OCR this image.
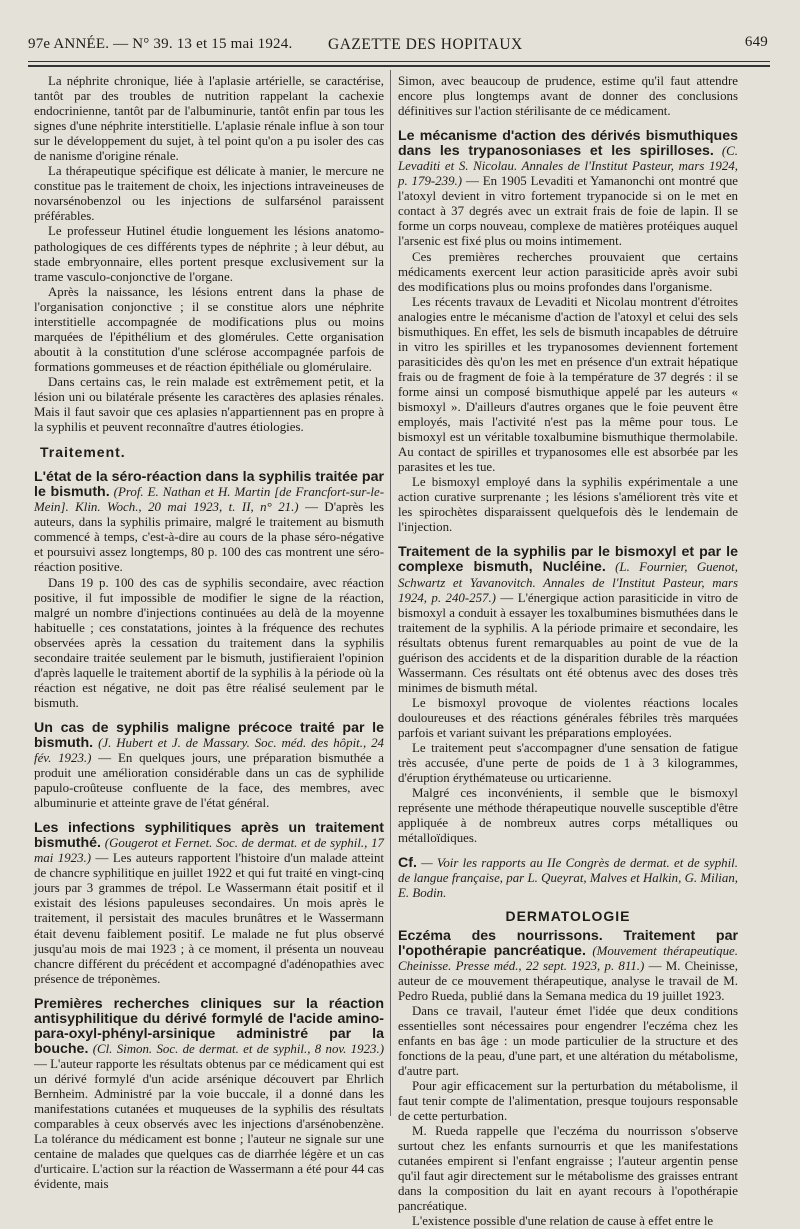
97e ANNÉE. — N° 39. 13 et 15 mai 1924. GAZETTE DES HOPITAUX	649

La néphrite chronique, liée à l'aplasie artérielle, se caractérise, tantôt par des troubles de nutrition rappelant la cachexie endocrinienne, tantôt par de l'albuminurie, tantôt enfin par tous les signes d'une néphrite interstitielle. L'aplasie rénale influe à son tour sur le développement du sujet, à tel point qu'on a pu isoler des cas de nanisme d'origine rénale.

La thérapeutique spécifique est délicate à manier, le mercure ne constitue pas le traitement de choix, les injections intraveineuses de novarsénobenzol ou les injections de sulfarsénol paraissent préférables.

Le professeur Hutinel étudie longuement les lésions anatomo-pathologiques de ces différents types de néphrite ; à leur début, au stade embryonnaire, elles portent presque exclusivement sur la trame vasculo-conjonctive de l'organe.

Après la naissance, les lésions entrent dans la phase de l'organisation conjonctive ; il se constitue alors une néphrite interstitielle accompagnée de modifications plus ou moins marquées de l'épithélium et des glomérules. Cette organisation aboutit à la constitution d'une sclérose accompagnée parfois de formations gommeuses et de réaction épithéliale ou glomérulaire.

Dans certains cas, le rein malade est extrêmement petit, et la lésion uni ou bilatérale présente les caractères des aplasies rénales. Mais il faut savoir que ces aplasies n'appartiennent pas en propre à la syphilis et peuvent reconnaître d'autres étiologies.

Traitement.

L'état de la séro-réaction dans la syphilis traitée par le bismuth. (Prof. E. Nathan et H. Martin [de Francfort-sur-le-Mein]. Klin. Woch., 20 mai 1923, t. II, n° 21.) — D'après les auteurs, dans la syphilis primaire, malgré le traitement au bismuth commencé à temps, c'est-à-dire au cours de la phase séro-négative et poursuivi assez longtemps, 80 p. 100 des cas montrent une séro-réaction positive.

Dans 19 p. 100 des cas de syphilis secondaire, avec réaction positive, il fut impossible de modifier le signe de la réaction, malgré un nombre d'injections continuées au delà de la moyenne habituelle ; ces constatations, jointes à la fréquence des rechutes observées après la cessation du traitement dans la syphilis secondaire traitée seulement par le bismuth, justifieraient l'opinion d'après laquelle le traitement abortif de la syphilis à la période où la réaction est négative, ne doit pas être réalisé seulement par le bismuth.

Un cas de syphilis maligne précoce traité par le bismuth. (J. Hubert et J. de Massary. Soc. méd. des hôpit., 24 fév. 1923.) — En quelques jours, une préparation bismuthée a produit une amélioration considérable dans un cas de syphilide papulo-croûteuse confluente de la face, des membres, avec albuminurie et atteinte grave de l'état général.

Les infections syphilitiques après un traitement bismuthé. (Gougerot et Fernet. Soc. de dermat. et de syphil., 17 mai 1923.) — Les auteurs rapportent l'histoire d'un malade atteint de chancre syphilitique en juillet 1922 et qui fut traité en vingt-cinq jours par 3 grammes de trépol. Le Wassermann était positif et il existait des lésions papuleuses secondaires. Un mois après le traitement, il persistait des macules brunâtres et le Wassermann était devenu faiblement positif. Le malade ne fut plus observé jusqu'au mois de mai 1923 ; à ce moment, il présenta un nouveau chancre différent du précédent et accompagné d'adénopathies avec présence de tréponèmes.

Premières recherches cliniques sur la réaction antisyphilitique du dérivé formylé de l'acide amino-para-oxyl-phényl-arsinique administré par la bouche. (Cl. Simon. Soc. de dermat. et de syphil., 8 nov. 1923.) — L'auteur rapporte les résultats obtenus par ce médicament qui est un dérivé formylé d'un acide arsénique découvert par Ehrlich Bernheim. Administré par la voie buccale, il a donné dans les manifestations cutanées et muqueuses de la syphilis des résultats comparables à ceux observés avec les injections d'arsénobenzène. La tolérance du médicament est bonne ; l'auteur ne signale sur une centaine de malades que quelques cas de diarrhée légère et un cas d'urticaire. L'action sur la réaction de Wassermann a été pour 44 cas évidente, mais

Simon, avec beaucoup de prudence, estime qu'il faut attendre encore plus longtemps avant de donner des conclusions définitives sur l'action stérilisante de ce médicament.

Le mécanisme d'action des dérivés bismuthiques dans les trypanosoniases et les spirilloses. (C. Levaditi et S. Nicolau. Annales de l'Institut Pasteur, mars 1924, p. 179-239.) — En 1905 Levaditi et Yamanonchi ont montré que l'atoxyl devient in vitro fortement trypanocide si on le met en contact à 37 degrés avec un extrait frais de foie de lapin. Il se forme un corps nouveau, complexe de matières protéiques auquel l'arsenic est fixé plus ou moins intimement.

Ces premières recherches prouvaient que certains médicaments exercent leur action parasiticide après avoir subi des modifications plus ou moins profondes dans l'organisme.

Les récents travaux de Levaditi et Nicolau montrent d'étroites analogies entre le mécanisme d'action de l'atoxyl et celui des sels bismuthiques. En effet, les sels de bismuth incapables de détruire in vitro les spirilles et les trypanosomes deviennent fortement parasiticides dès qu'on les met en présence d'un extrait hépatique frais ou de fragment de foie à la température de 37 degrés : il se forme ainsi un composé bismuthique appelé par les auteurs « bismoxyl ». D'ailleurs d'autres organes que le foie peuvent être employés, mais l'activité n'est pas la même pour tous. Le bismoxyl est un véritable toxalbumine bismuthique thermolabile. Au contact de spirilles et trypanosomes elle est absorbée par les parasites et les tue.

Le bismoxyl employé dans la syphilis expérimentale a une action curative surprenante ; les lésions s'améliorent très vite et les spirochètes disparaissent quelquefois dès le lendemain de l'injection.

Traitement de la syphilis par le bismoxyl et par le complexe bismuth, Nucléine. (L. Fournier, Guenot, Schwartz et Yavanovitch. Annales de l'Institut Pasteur, mars 1924, p. 240-257.) — L'énergique action parasiticide in vitro de bismoxyl a conduit à essayer les toxalbumines bismuthées dans le traitement de la syphilis. A la période primaire et secondaire, les résultats obtenus furent remarquables au point de vue de la guérison des accidents et de la disparition durable de la réaction Wassermann. Ces résultats ont été obtenus avec des doses très minimes de bismuth métal.

Le bismoxyl provoque de violentes réactions locales douloureuses et des réactions générales fébriles très marquées parfois et variant suivant les préparations employées.

Le traitement peut s'accompagner d'une sensation de fatigue très accusée, d'une perte de poids de 1 à 3 kilogrammes, d'éruption érythémateuse ou urticarienne.

Malgré ces inconvénients, il semble que le bismoxyl représente une méthode thérapeutique nouvelle susceptible d'être appliquée à de nombreux autres corps métalliques ou métalloïdiques.

Cf. — Voir les rapports au IIe Congrès de dermat. et de syphil. de langue française, par L. Queyrat, Malves et Halkin, G. Milian, E. Bodin.

DERMATOLOGIE

Eczéma des nourrissons. Traitement par l'opothérapie pancréatique. (Mouvement thérapeutique. Cheinisse. Presse méd., 22 sept. 1923, p. 811.) — M. Cheinisse, auteur de ce mouvement thérapeutique, analyse le travail de M. Pedro Rueda, publié dans la Semana medica du 19 juillet 1923.

Dans ce travail, l'auteur émet l'idée que deux conditions essentielles sont nécessaires pour engendrer l'eczéma chez les enfants en bas âge : un mode particulier de la structure et des fonctions de la peau, d'une part, et une altération du métabolisme, d'autre part.

Pour agir efficacement sur la perturbation du métabolisme, il faut tenir compte de l'alimentation, presque toujours responsable de cette perturbation.

M. Rueda rappelle que l'eczéma du nourrisson s'observe surtout chez les enfants surnourris et que les manifestations cutanées empirent si l'enfant engraisse ; l'auteur argentin pense qu'il faut agir directement sur le métabolisme des graisses entrant dans la composition du lait en ayant recours à l'opothérapie pancréatique.

L'existence possible d'une relation de cause à effet entre le
